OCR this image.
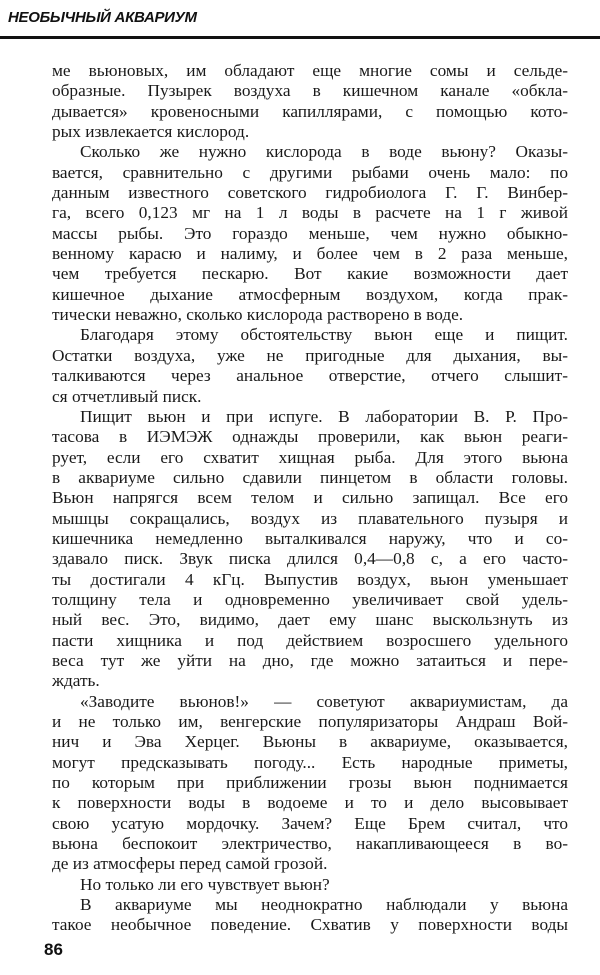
НЕОБЫЧНЫЙ АКВАРИУМ
ме вьюновых, им обладают еще многие сомы и сельде-
образные. Пузырек воздуха в кишечном канале «обкла-
дывается» кровеносными капиллярами, с помощью кото-
рых извлекается кислород.
Сколько же нужно кислорода в воде вьюну? Оказы-
вается, сравнительно с другими рыбами очень мало: по
данным известного советского гидробиолога Г. Г. Винбер-
га, всего 0,123 мг на 1 л воды в расчете на 1 г живой
массы рыбы. Это гораздо меньше, чем нужно обыкно-
венному карасю и налиму, и более чем в 2 раза меньше,
чем требуется пескарю. Вот какие возможности дает
кишечное дыхание атмосферным воздухом, когда прак-
тически неважно, сколько кислорода растворено в воде.
Благодаря этому обстоятельству вьюн еще и пищит.
Остатки воздуха, уже не пригодные для дыхания, вы-
талкиваются через анальное отверстие, отчего слышит-
ся отчетливый писк.
Пищит вьюн и при испуге. В лаборатории В. Р. Про-
тасова в ИЭМЭЖ однажды проверили, как вьюн реаги-
рует, если его схватит хищная рыба. Для этого вьюна
в аквариуме сильно сдавили пинцетом в области головы.
Вьюн напрягся всем телом и сильно запищал. Все его
мышцы сокращались, воздух из плавательного пузыря и
кишечника немедленно выталкивался наружу, что и со-
здавало писк. Звук писка длился 0,4—0,8 с, а его часто-
ты достигали 4 кГц. Выпустив воздух, вьюн уменьшает
толщину тела и одновременно увеличивает свой удель-
ный вес. Это, видимо, дает ему шанс выскользнуть из
пасти хищника и под действием возросшего удельного
веса тут же уйти на дно, где можно затаиться и пере-
ждать.
«Заводите вьюнов!» — советуют аквариумистам, да
и не только им, венгерские популяризаторы Андраш Вой-
нич и Эва Херцег. Вьюны в аквариуме, оказывается,
могут предсказывать погоду... Есть народные приметы,
по которым при приближении грозы вьюн поднимается
к поверхности воды в водоеме и то и дело высовывает
свою усатую мордочку. Зачем? Еще Брем считал, что
вьюна беспокоит электричество, накапливающееся в во-
де из атмосферы перед самой грозой.
Но только ли его чувствует вьюн?
В аквариуме мы неоднократно наблюдали у вьюна
такое необычное поведение. Схватив у поверхности воды
86
